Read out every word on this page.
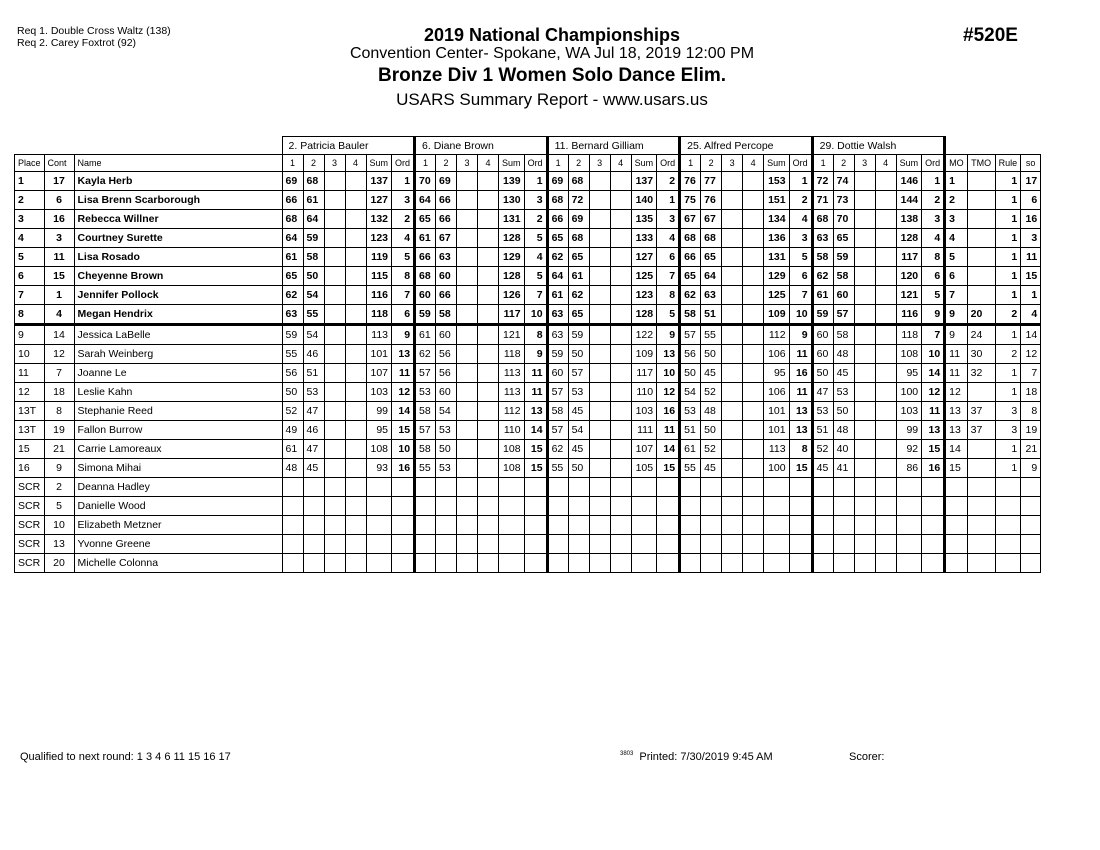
Req 1. Double Cross Waltz (138)
Req 2. Carey Foxtrot (92)	2019 National Championships
Convention Center- Spokane, WA Jul 18, 2019 12:00 PM
Bronze Div 1 Women Solo Dance Elim.
USARS Summary Report - www.usars.us
#520E
			2. Patricia Bauler						6. Diane Brown						11. Bernard Gilliam						25. Alfred Percope						29. Dottie Walsh									
Place	Cont	Name	1	2	3	4	Sum	Ord	1	2	3	4	Sum	Ord	1	2	3	4	Sum	Ord	1	2	3	4	Sum	Ord	1	2	3	4	Sum	Ord	MO	TMO	Rule	so
1	17	Kayla Herb	69	68			137	1	70	69			139	1	69	68			137	2	76	77			153	1	72	74			146	1	1		1	17
2	6	Lisa Brenn Scarborough	66	61			127	3	64	66			130	3	68	72			140	1	75	76			151	2	71	73			144	2	2		1	6
3	16	Rebecca Willner	68	64			132	2	65	66			131	2	66	69			135	3	67	67			134	4	68	70			138	3	3		1	16
4	3	Courtney Surette	64	59			123	4	61	67			128	5	65	68			133	4	68	68			136	3	63	65			128	4	4		1	3
5	11	Lisa Rosado	61	58			119	5	66	63			129	4	62	65			127	6	66	65			131	5	58	59			117	8	5		1	11
6	15	Cheyenne Brown	65	50			115	8	68	60			128	5	64	61			125	7	65	64			129	6	62	58			120	6	6		1	15
7	1	Jennifer Pollock	62	54			116	7	60	66			126	7	61	62			123	8	62	63			125	7	61	60			121	5	7		1	1
8	4	Megan Hendrix	63	55			118	6	59	58			117	10	63	65			128	5	58	51			109	10	59	57			116	9	9	20	2	4
9	14	Jessica LaBelle	59	54			113	9	61	60			121	8	63	59			122	9	57	55			112	9	60	58			118	7	9	24	1	14
10	12	Sarah Weinberg	55	46			101	13	62	56			118	9	59	50			109	13	56	50			106	11	60	48			108	10	11	30	2	12
11	7	Joanne Le	56	51			107	11	57	56			113	11	60	57			117	10	50	45			95	16	50	45			95	14	11	32	1	7
12	18	Leslie Kahn	50	53			103	12	53	60			113	11	57	53			110	12	54	52			106	11	47	53			100	12	12		1	18
13T	8	Stephanie Reed	52	47			99	14	58	54			112	13	58	45			103	16	53	48			101	13	53	50			103	11	13	37	3	8
13T	19	Fallon Burrow	49	46			95	15	57	53			110	14	57	54			111	11	51	50			101	13	51	48			99	13	13	37	3	19
15	21	Carrie Lamoreaux	61	47			108	10	58	50			108	15	62	45			107	14	61	52			113	8	52	40			92	15	14		1	21
16	9	Simona Mihai	48	45			93	16	55	53			108	15	55	50			105	15	55	45			100	15	45	41			86	16	15		1	9
SCR	2	Deanna Hadley																																		
SCR	5	Danielle Wood																																		
SCR	10	Elizabeth Metzner																																		
SCR	13	Yvonne Greene																																		
SCR	20	Michelle Colonna																																		
Qualified to next round: 1 3 4 6 11 15 16 17	$^{3803}$ Printed: 7/30/2019 9:45 AM	Scorer:
